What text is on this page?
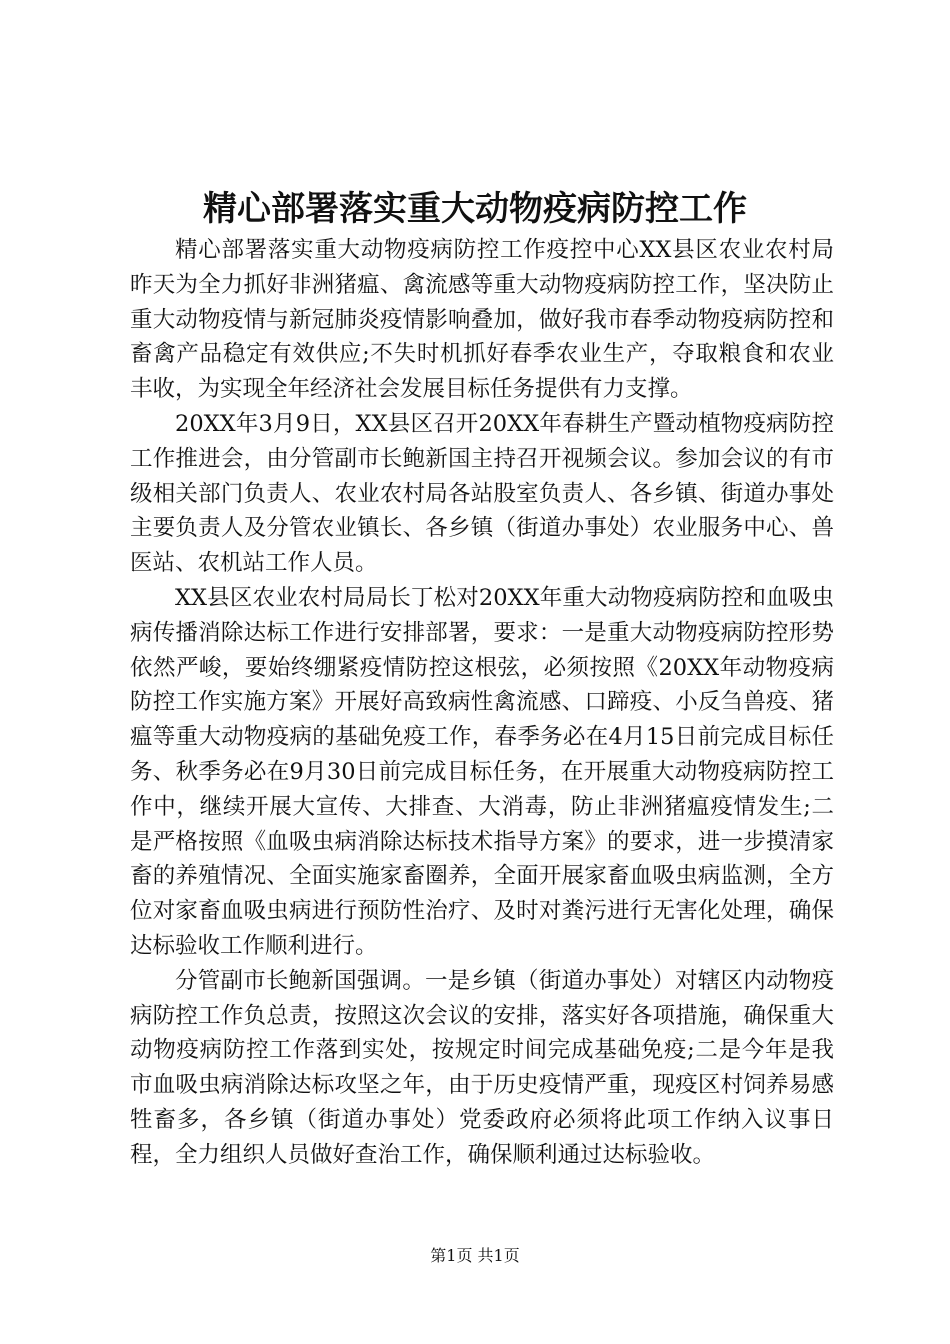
精心部署落实重大动物疫病防控工作

精心部署落实重大动物疫病防控工作疫控中心XX县区农业农村局昨天为全力抓好非洲猪瘟、禽流感等重大动物疫病防控工作，坚决防止重大动物疫情与新冠肺炎疫情影响叠加，做好我市春季动物疫病防控和畜禽产品稳定有效供应;不失时机抓好春季农业生产，夺取粮食和农业丰收，为实现全年经济社会发展目标任务提供有力支撑。

20XX年3月9日，XX县区召开20XX年春耕生产暨动植物疫病防控工作推进会，由分管副市长鲍新国主持召开视频会议。参加会议的有市级相关部门负责人、农业农村局各站股室负责人、各乡镇、街道办事处主要负责人及分管农业镇长、各乡镇（街道办事处）农业服务中心、兽医站、农机站工作人员。

XX县区农业农村局局长丁松对20XX年重大动物疫病防控和血吸虫病传播消除达标工作进行安排部署，要求：一是重大动物疫病防控形势依然严峻，要始终绷紧疫情防控这根弦，必须按照《20XX年动物疫病防控工作实施方案》开展好高致病性禽流感、口蹄疫、小反刍兽疫、猪瘟等重大动物疫病的基础免疫工作，春季务必在4月15日前完成目标任务、秋季务必在9月30日前完成目标任务，在开展重大动物疫病防控工作中，继续开展大宣传、大排查、大消毒，防止非洲猪瘟疫情发生;二是严格按照《血吸虫病消除达标技术指导方案》的要求，进一步摸清家畜的养殖情况、全面实施家畜圈养，全面开展家畜血吸虫病监测，全方位对家畜血吸虫病进行预防性治疗、及时对粪污进行无害化处理，确保达标验收工作顺利进行。

分管副市长鲍新国强调。一是乡镇（街道办事处）对辖区内动物疫病防控工作负总责，按照这次会议的安排，落实好各项措施，确保重大动物疫病防控工作落到实处，按规定时间完成基础免疫;二是今年是我市血吸虫病消除达标攻坚之年，由于历史疫情严重，现疫区村饲养易感牲畜多，各乡镇（街道办事处）党委政府必须将此项工作纳入议事日程，全力组织人员做好查治工作，确保顺利通过达标验收。

第1页 共1页
